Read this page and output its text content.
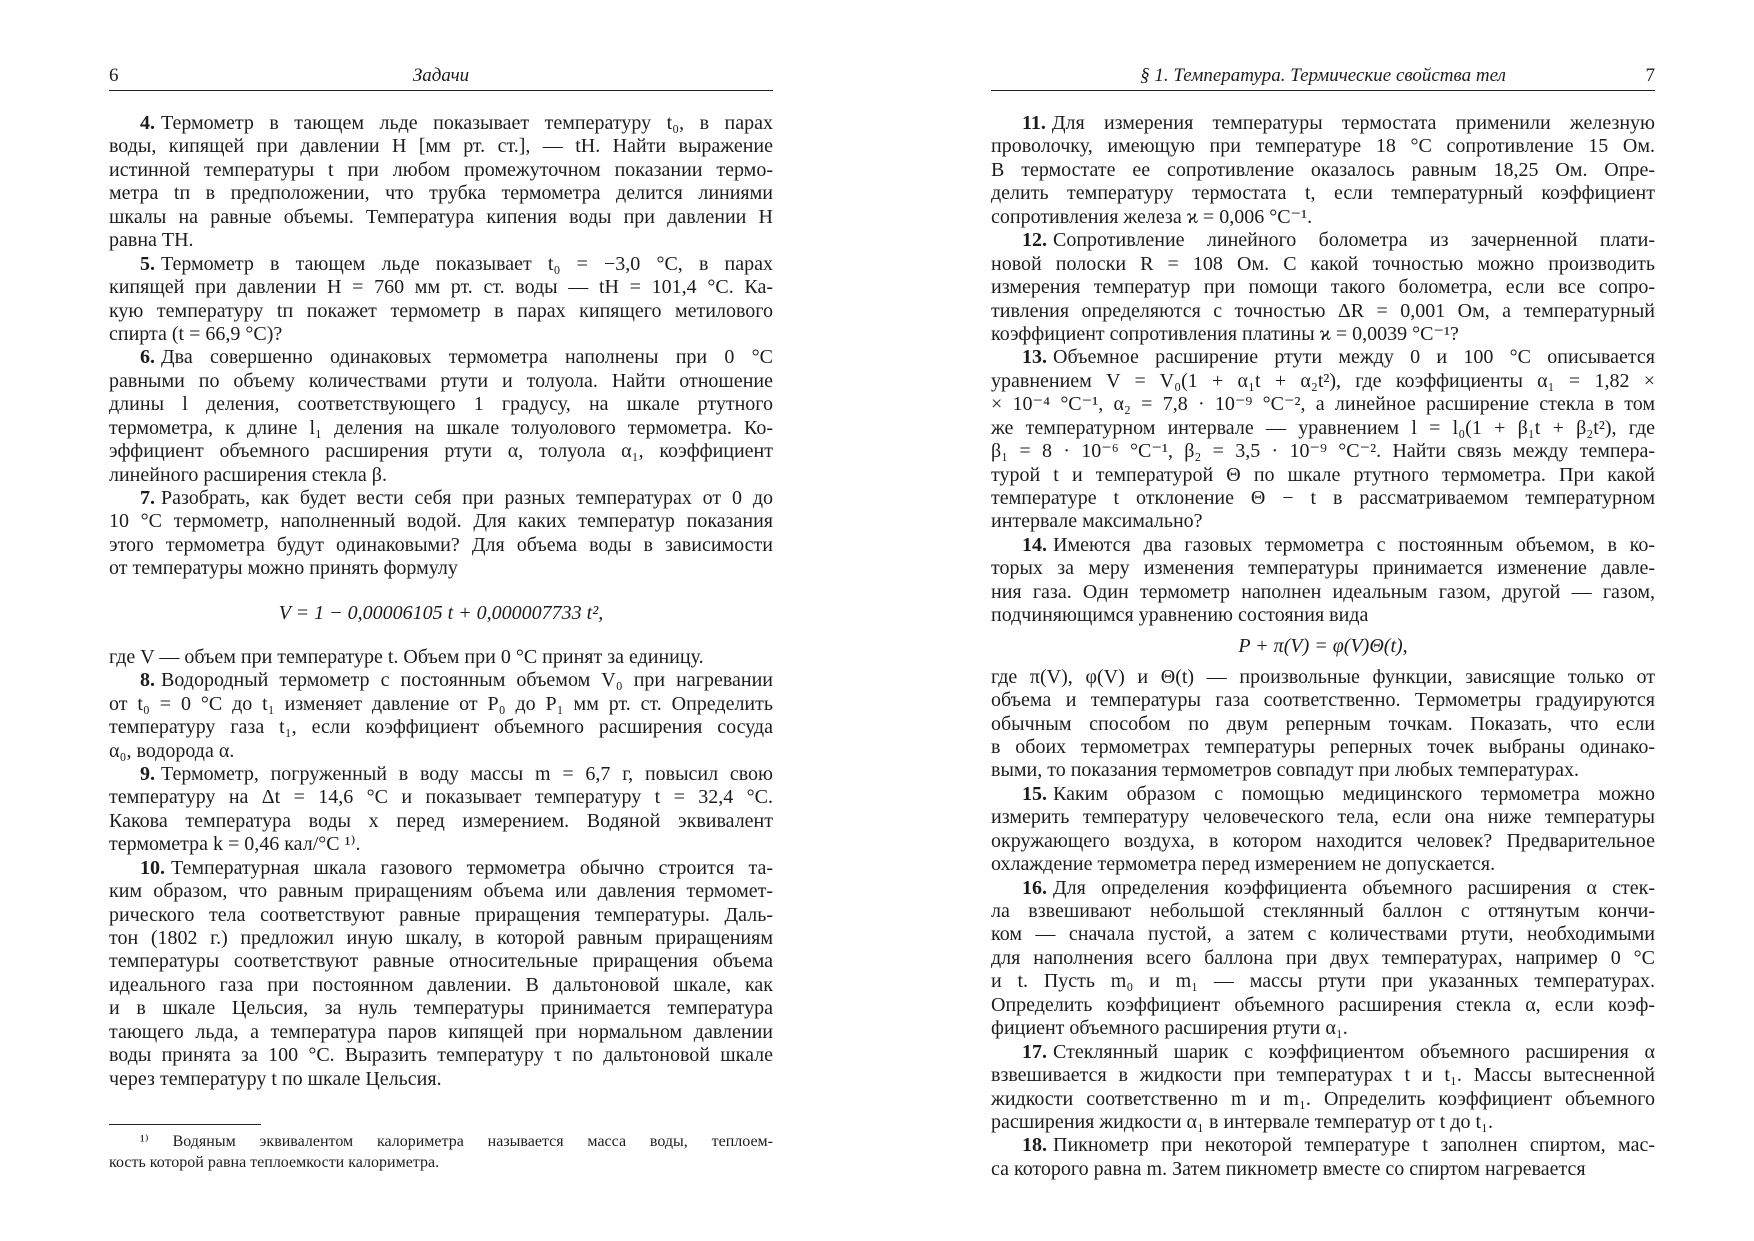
6	Задачи
4. Термометр в тающем льде показывает температуру t₀, в парах
воды, кипящей при давлении H [мм рт. ст.], — tH. Найти выражение
истинной температуры t при любом промежуточном показании термо-
метра tп в предположении, что трубка термометра делится линиями
шкалы на равные объемы. Температура кипения воды при давлении H
равна TH.
5. Термометр в тающем льде показывает t₀ = −3,0 °C, в парах
кипящей при давлении H = 760 мм рт. ст. воды — tH = 101,4 °C. Ка-
кую температуру tп покажет термометр в парах кипящего метилового
спирта (t = 66,9 °C)?
6. Два совершенно одинаковых термометра наполнены при 0 °C
равными по объему количествами ртути и толуола. Найти отношение
длины l деления, соответствующего 1 градусу, на шкале ртутного
термометра, к длине l₁ деления на шкале толуолового термометра. Ко-
эффициент объемного расширения ртути α, толуола α₁, коэффициент
линейного расширения стекла β.
7. Разобрать, как будет вести себя при разных температурах от 0 до
10 °C термометр, наполненный водой. Для каких температур показания
этого термометра будут одинаковыми? Для объема воды в зависимости
от температуры можно принять формулу
V = 1 − 0,00006105 t + 0,000007733 t²,
где V — объем при температуре t. Объем при 0 °C принят за единицу.
8. Водородный термометр с постоянным объемом V₀ при нагревании
от t₀ = 0 °C до t₁ изменяет давление от P₀ до P₁ мм рт. ст. Определить
температуру газа t₁, если коэффициент объемного расширения сосуда
α₀, водорода α.
9. Термометр, погруженный в воду массы m = 6,7 г, повысил свою
температуру на Δt = 14,6 °C и показывает температуру t = 32,4 °C.
Какова температура воды x перед измерением. Водяной эквивалент
термометра k = 0,46 кал/°C ¹⁾.
10. Температурная шкала газового термометра обычно строится та-
ким образом, что равным приращениям объема или давления термомет-
рического тела соответствуют равные приращения температуры. Даль-
тон (1802 г.) предложил иную шкалу, в которой равным приращениям
температуры соответствуют равные относительные приращения объема
идеального газа при постоянном давлении. В дальтоновой шкале, как
и в шкале Цельсия, за нуль температуры принимается температура
тающего льда, а температура паров кипящей при нормальном давлении
воды принята за 100 °C. Выразить температуру τ по дальтоновой шкале
через температуру t по шкале Цельсия.
¹⁾ Водяным эквивалентом калориметра называется масса воды, теплоем-
кость которой равна теплоемкости калориметра.
§ 1. Температура. Термические свойства тел	7
11. Для измерения температуры термостата применили железную
проволочку, имеющую при температуре 18 °C сопротивление 15 Ом.
В термостате ее сопротивление оказалось равным 18,25 Ом. Опре-
делить температуру термостата t, если температурный коэффициент
сопротивления железа ϰ = 0,006 °C⁻¹.
12. Сопротивление линейного болометра из зачерненной плати-
новой полоски R = 108 Ом. С какой точностью можно производить
измерения температур при помощи такого болометра, если все сопро-
тивления определяются с точностью ΔR = 0,001 Ом, а температурный
коэффициент сопротивления платины ϰ = 0,0039 °C⁻¹?
13. Объемное расширение ртути между 0 и 100 °C описывается
уравнением V = V₀(1 + α₁t + α₂t²), где коэффициенты α₁ = 1,82 ×
× 10⁻⁴ °C⁻¹, α₂ = 7,8 · 10⁻⁹ °C⁻², а линейное расширение стекла в том
же температурном интервале — уравнением l = l₀(1 + β₁t + β₂t²), где
β₁ = 8 · 10⁻⁶ °C⁻¹, β₂ = 3,5 · 10⁻⁹ °C⁻². Найти связь между темпера-
турой t и температурой Θ по шкале ртутного термометра. При какой
температуре t отклонение Θ − t в рассматриваемом температурном
интервале максимально?
14. Имеются два газовых термометра с постоянным объемом, в ко-
торых за меру изменения температуры принимается изменение давле-
ния газа. Один термометр наполнен идеальным газом, другой — газом,
подчиняющимся уравнению состояния вида
P + π(V) = φ(V)Θ(t),
где π(V), φ(V) и Θ(t) — произвольные функции, зависящие только от
объема и температуры газа соответственно. Термометры градуируются
обычным способом по двум реперным точкам. Показать, что если
в обоих термометрах температуры реперных точек выбраны одинако-
выми, то показания термометров совпадут при любых температурах.
15. Каким образом с помощью медицинского термометра можно
измерить температуру человеческого тела, если она ниже температуры
окружающего воздуха, в котором находится человек? Предварительное
охлаждение термометра перед измерением не допускается.
16. Для определения коэффициента объемного расширения α стек-
ла взвешивают небольшой стеклянный баллон с оттянутым кончи-
ком — сначала пустой, а затем с количествами ртути, необходимыми
для наполнения всего баллона при двух температурах, например 0 °C
и t. Пусть m₀ и m₁ — массы ртути при указанных температурах.
Определить коэффициент объемного расширения стекла α, если коэф-
фициент объемного расширения ртути α₁.
17. Стеклянный шарик с коэффициентом объемного расширения α
взвешивается в жидкости при температурах t и t₁. Массы вытесненной
жидкости соответственно m и m₁. Определить коэффициент объемного
расширения жидкости α₁ в интервале температур от t до t₁.
18. Пикнометр при некоторой температуре t заполнен спиртом, мас-
са которого равна m. Затем пикнометр вместе со спиртом нагревается
